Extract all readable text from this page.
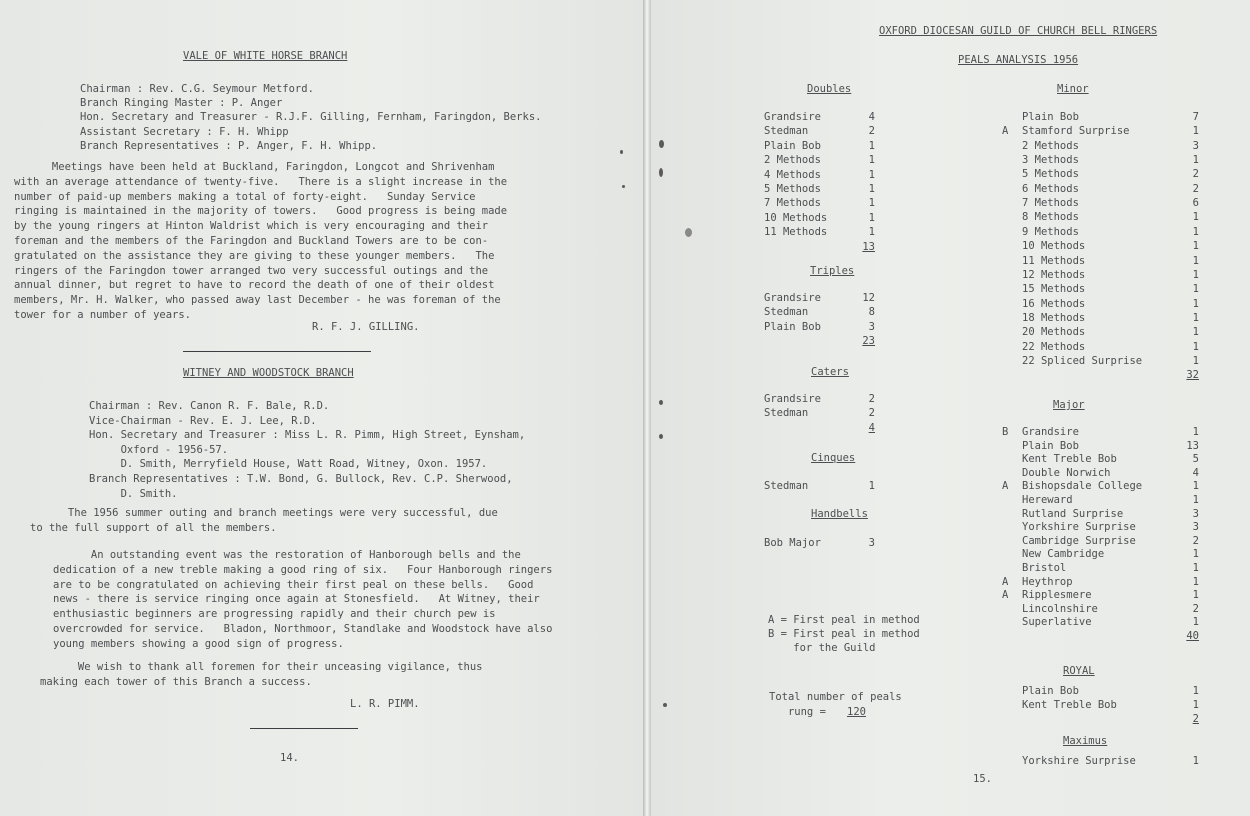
VALE OF WHITE HORSE BRANCH
Chairman : Rev. C.G. Seymour Metford.
Branch Ringing Master : P. Anger
Hon. Secretary and Treasurer - R.J.F. Gilling, Fernham, Faringdon, Berks.
Assistant Secretary : F. H. Whipp
Branch Representatives : P. Anger, F. H. Whipp.
Meetings have been held at Buckland, Faringdon, Longcot and Shrivenham
with an average attendance of twenty-five.   There is a slight increase in the
number of paid-up members making a total of forty-eight.   Sunday Service
ringing is maintained in the majority of towers.   Good progress is being made
by the young ringers at Hinton Waldrist which is very encouraging and their
foreman and the members of the Faringdon and Buckland Towers are to be con-
gratulated on the assistance they are giving to these younger members.   The
ringers of the Faringdon tower arranged two very successful outings and the
annual dinner, but regret to have to record the death of one of their oldest
members, Mr. H. Walker, who passed away last December - he was foreman of the
tower for a number of years.
R. F. J. GILLING.
WITNEY AND WOODSTOCK BRANCH
Chairman : Rev. Canon R. F. Bale, R.D.
Vice-Chairman - Rev. E. J. Lee, R.D.
Hon. Secretary and Treasurer : Miss L. R. Pimm, High Street, Eynsham,
Oxford - 1956-57.
D. Smith, Merryfield House, Watt Road, Witney, Oxon. 1957.
Branch Representatives : T.W. Bond, G. Bullock, Rev. C.P. Sherwood,
D. Smith.
The 1956 summer outing and branch meetings were very successful, due
to the full support of all the members.
An outstanding event was the restoration of Hanborough bells and the
dedication of a new treble making a good ring of six.   Four Hanborough ringers
are to be congratulated on achieving their first peal on these bells.   Good
news - there is service ringing once again at Stonesfield.   At Witney, their
enthusiastic beginners are progressing rapidly and their church pew is
overcrowded for service.   Bladon, Northmoor, Standlake and Woodstock have also
young members showing a good sign of progress.
We wish to thank all foremen for their unceasing vigilance, thus
making each tower of this Branch a success.
L. R. PIMM.
14.
OXFORD DIOCESAN GUILD OF CHURCH BELL RINGERS
PEALS ANALYSIS 1956
Doubles
Grandsire	4
Stedman	2
Plain Bob	1
2 Methods	1
4 Methods	1
5 Methods	1
7 Methods	1
10 Methods	1
11 Methods	1
13
Triples
Grandsire	12
Stedman	8
Plain Bob	3
23
Caters
Grandsire	2
Stedman	2
4
Cinques
Stedman	1
Handbells
Bob Major	3
A = First peal in method
B = First peal in method
for the Guild
Total number of peals
rung = 120
Minor
Plain Bob	7
A Stamford Surprise	1
2 Methods	3
3 Methods	1
5 Methods	2
6 Methods	2
7 Methods	6
8 Methods	1
9 Methods	1
10 Methods	1
11 Methods	1
12 Methods	1
15 Methods	1
16 Methods	1
18 Methods	1
20 Methods	1
22 Methods	1
22 Spliced Surprise	1
32
Major
B Grandsire	1
Plain Bob	13
Kent Treble Bob	5
Double Norwich	4
A Bishopsdale College	1
Hereward	1
Rutland Surprise	3
Yorkshire Surprise	3
Cambridge Surprise	2
New Cambridge	1
Bristol	1
A Heythrop	1
A Ripplesmere	1
Lincolnshire	2
Superlative	1
40
ROYAL
Plain Bob	1
Kent Treble Bob	1
2
Maximus
Yorkshire Surprise	1
15.
